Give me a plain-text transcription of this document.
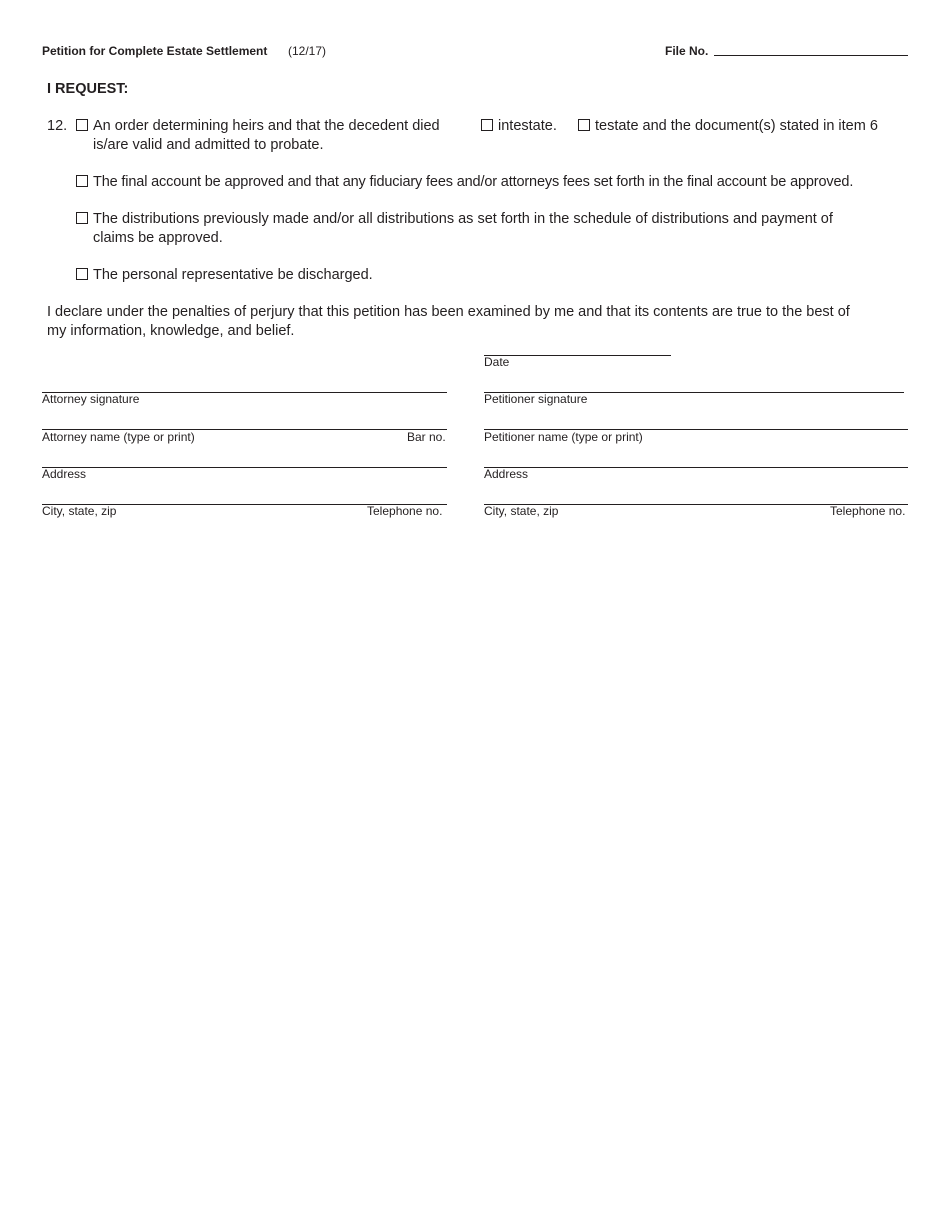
Petition for Complete Estate Settlement (12/17)	File No.
I REQUEST:
12. An order determining heirs and that the decedent died	intestate.	testate and the document(s) stated in item 6
is/are valid and admitted to probate.
The final account be approved and that any fiduciary fees and/or attorneys fees set forth in the final account be approved.
The distributions previously made and/or all distributions as set forth in the schedule of distributions and payment of
claims be approved.
The personal representative be discharged.
I declare under the penalties of perjury that this petition has been examined by me and that its contents are true to the best of
my information, knowledge, and belief.
Date
Attorney signature
Attorney name (type or print)	Bar no.
Address
City, state, zip	Telephone no.
Petitioner signature
Petitioner name (type or print)
Address
City, state, zip	Telephone no.
